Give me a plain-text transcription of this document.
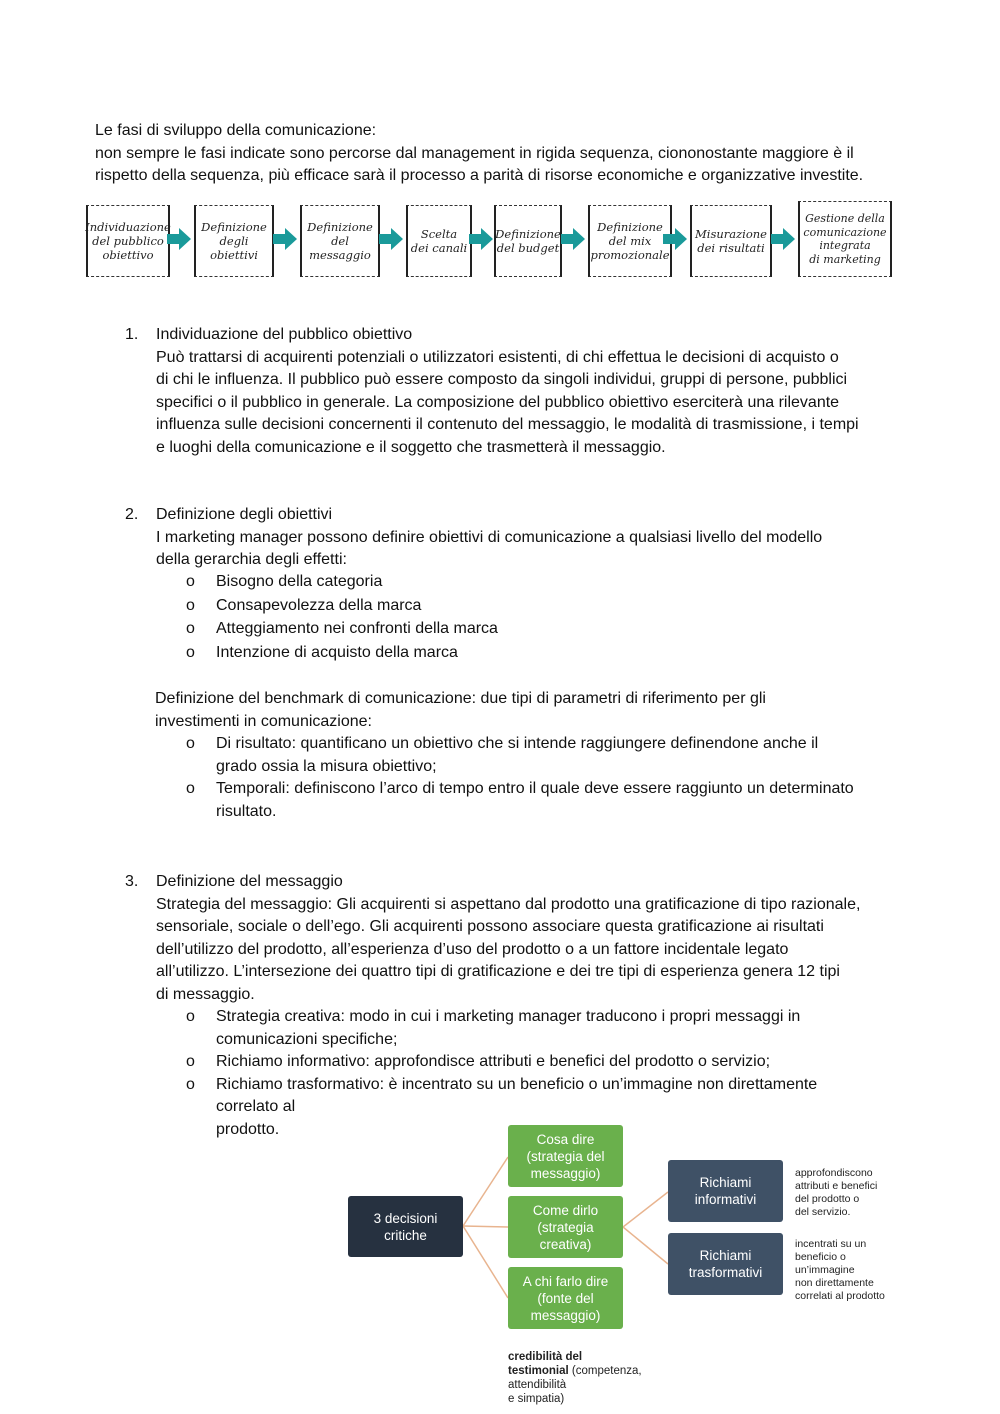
Le fasi di sviluppo della comunicazione:
non sempre le fasi indicate sono percorse dal management in rigida sequenza, ciononostante maggiore è il
rispetto della sequenza, più efficace sarà il processo a parità di risorse economiche e organizzative investite.
Individuazione
del pubblico
obiettivo
Definizione
degli obiettivi
Definizione
del messaggio
Scelta
dei canali
Definizione
del budget
Definizione
del mix
promozionale
Misurazione
dei risultati
Gestione della
comunicazione
integrata
di marketing
1. Individuazione del pubblico obiettivo
Può trattarsi di acquirenti potenziali o utilizzatori esistenti, di chi effettua le decisioni di acquisto o
di chi le influenza. Il pubblico può essere composto da singoli individui, gruppi di persone, pubblici
specifici o il pubblico in generale. La composizione del pubblico obiettivo eserciterà una rilevante
influenza sulle decisioni concernenti il contenuto del messaggio, le modalità di trasmissione, i tempi
e luoghi della comunicazione e il soggetto che trasmetterà il messaggio.
2. Definizione degli obiettivi
I marketing manager possono definire obiettivi di comunicazione a qualsiasi livello del modello
della gerarchia degli effetti:
o Bisogno della categoria
o Consapevolezza della marca
o Atteggiamento nei confronti della marca
o Intenzione di acquisto della marca
Definizione del benchmark di comunicazione: due tipi di parametri di riferimento per gli
investimenti in comunicazione:
o Di risultato: quantificano un obiettivo che si intende raggiungere definendone anche il
grado ossia la misura obiettivo;
o Temporali: definiscono l’arco di tempo entro il quale deve essere raggiunto un determinato
risultato.
3. Definizione del messaggio
Strategia del messaggio: Gli acquirenti si aspettano dal prodotto una gratificazione di tipo razionale,
sensoriale, sociale o dell’ego. Gli acquirenti possono associare questa gratificazione ai risultati
dell’utilizzo del prodotto, all’esperienza d’uso del prodotto o a un fattore incidentale legato
all’utilizzo. L’intersezione dei quattro tipi di gratificazione e dei tre tipi di esperienza genera 12 tipi
di messaggio.
o Strategia creativa: modo in cui i marketing manager traducono i propri messaggi in
comunicazioni specifiche;
o Richiamo informativo: approfondisce attributi e benefici del prodotto o servizio;
o Richiamo trasformativo: è incentrato su un beneficio o un’immagine non direttamente
correlato al
prodotto.
3 decisioni
critiche
Cosa dire
(strategia del
messaggio)
Come dirlo
(strategia
creativa)
A chi farlo dire
(fonte del
messaggio)
Richiami
informativi
Richiami
trasformativi
approfondiscono
attributi e benefici
del prodotto o
del servizio.
incentrati su un
beneficio o
un’immagine
non direttamente
correlati al prodotto
credibilità del
testimonial (competenza,
attendibilità
e simpatia)
